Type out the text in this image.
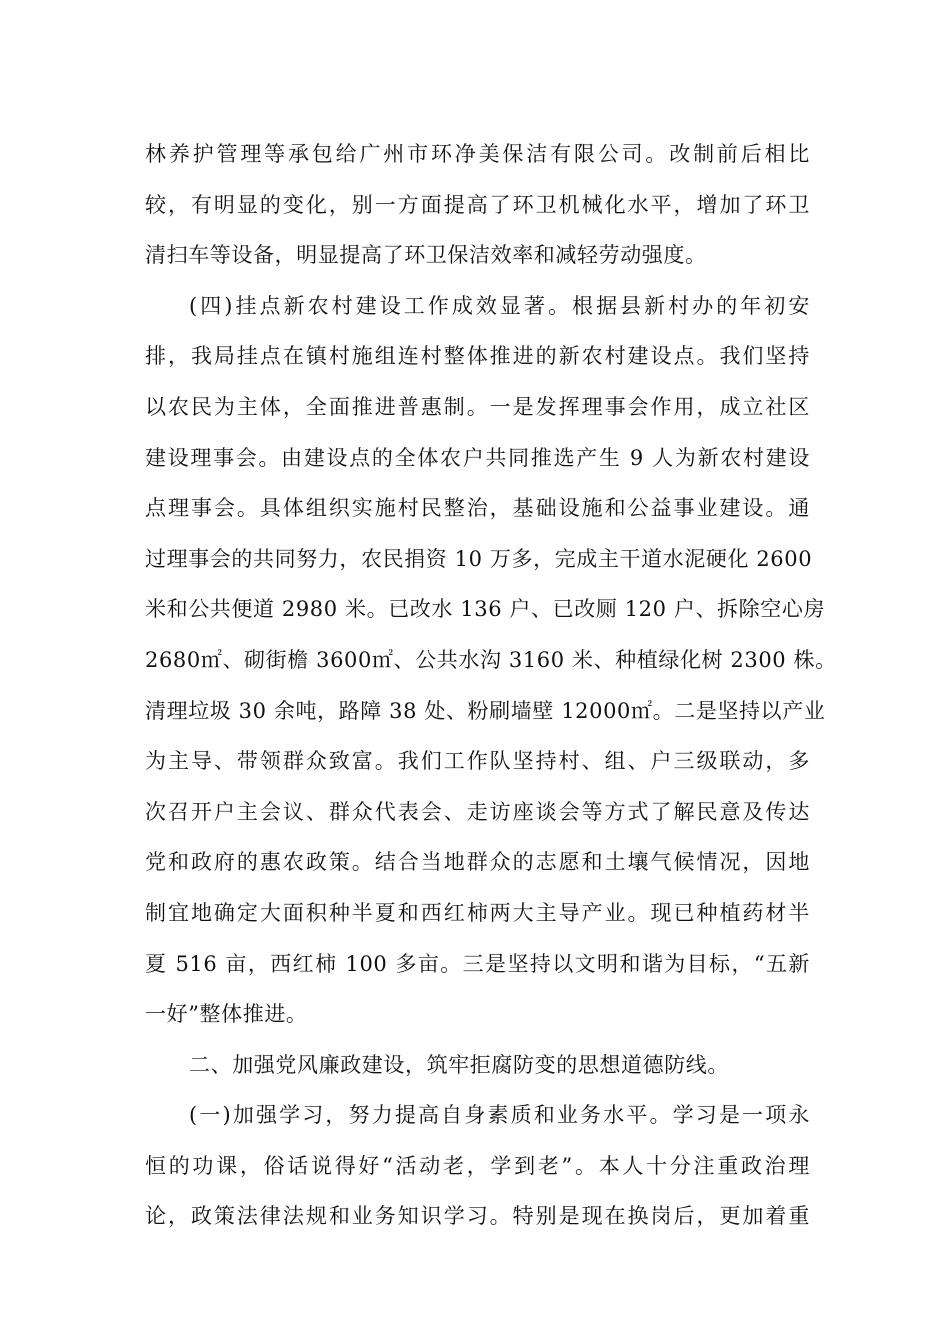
林养护管理等承包给广州市环净美保洁有限公司。改制前后相比
较，有明显的变化，别一方面提高了环卫机械化水平，增加了环卫
清扫车等设备，明显提高了环卫保洁效率和减轻劳动强度。
(四)挂点新农村建设工作成效显著。根据县新村办的年初安
排，我局挂点在镇村施组连村整体推进的新农村建设点。我们坚持
以农民为主体，全面推进普惠制。一是发挥理事会作用，成立社区
建设理事会。由建设点的全体农户共同推选产生 9 人为新农村建设
点理事会。具体组织实施村民整治，基础设施和公益事业建设。通
过理事会的共同努力，农民捐资 10 万多，完成主干道水泥硬化 2600
米和公共便道 2980 米。已改水 136 户、已改厕 120 户、拆除空心房
2680㎡、砌街檐 3600㎡、公共水沟 3160 米、种植绿化树 2300 株。
清理垃圾 30 余吨，路障 38 处、粉刷墙壁 12000㎡。二是坚持以产业
为主导、带领群众致富。我们工作队坚持村、组、户三级联动，多
次召开户主会议、群众代表会、走访座谈会等方式了解民意及传达
党和政府的惠农政策。结合当地群众的志愿和土壤气候情况，因地
制宜地确定大面积种半夏和西红柿两大主导产业。现已种植药材半
夏 516 亩，西红柿 100 多亩。三是坚持以文明和谐为目标，“五新
一好”整体推进。
二、加强党风廉政建设，筑牢拒腐防变的思想道德防线。
(一)加强学习，努力提高自身素质和业务水平。学习是一项永
恒的功课，俗话说得好“活动老，学到老”。本人十分注重政治理
论，政策法律法规和业务知识学习。特别是现在换岗后，更加着重
